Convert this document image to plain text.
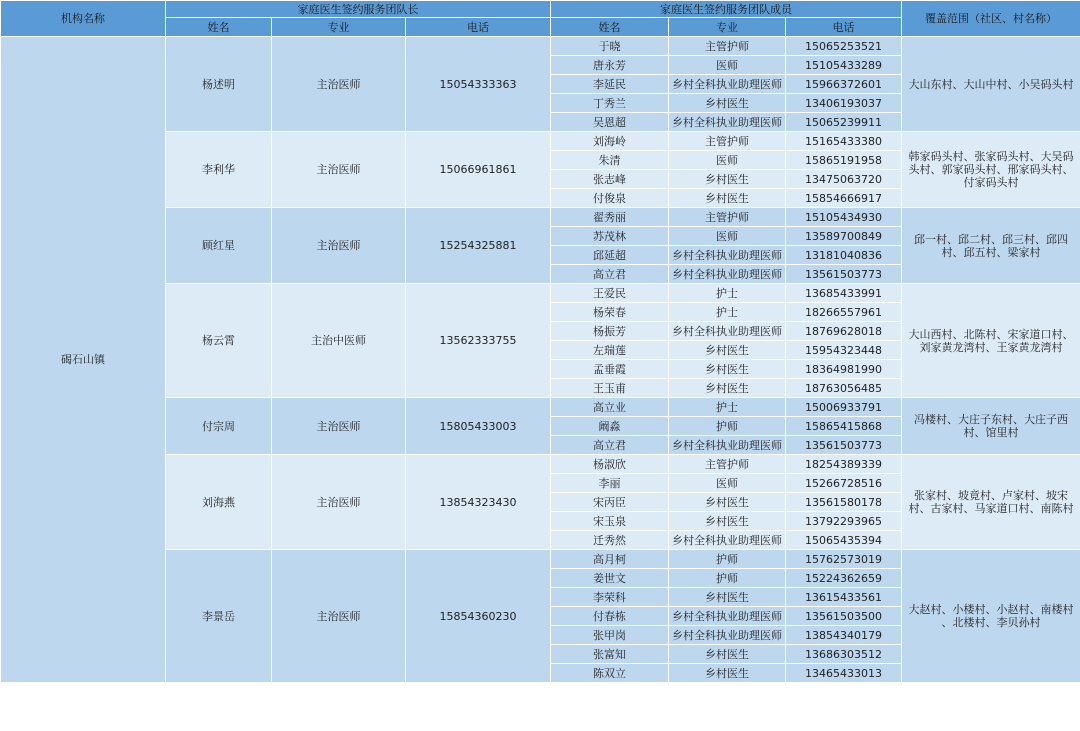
机构名称	家庭医生签约服务团队长			家庭医生签约服务团队成员			覆盖范围（社区、村名称）
	姓名	专业	电话	姓名	专业	电话	
碣石山镇	杨述明	主治医师	15054333363	于晓	主管护师	15065253521	大山东村、大山中村、小吴码头村
				唐永芳	医师	15105433289	
				李延民	乡村全科执业助理医师	15966372601	
				丁秀兰	乡村医生	13406193037	
				吴恩超	乡村全科执业助理医师	15065239911	
	李利华	主治医师	15066961861	刘海岭	主管护师	15165433380	韩家码头村、张家码头村、大吴码头村、郭家码头村、邢家码头村、付家码头村
				朱清	医师	15865191958	
				张志峰	乡村医生	13475063720	
				付俊泉	乡村医生	15854666917	
	顾红星	主治医师	15254325881	翟秀丽	主管护师	15105434930	邱一村、邱二村、邱三村、邱四村、邱五村、梁家村
				苏茂林	医师	13589700849	
				邱延超	乡村全科执业助理医师	13181040836	
				高立君	乡村全科执业助理医师	13561503773	
	杨云霄	主治中医师	13562333755	王爱民	护士	13685433991	大山西村、北陈村、宋家道口村、刘家黄龙湾村、王家黄龙湾村
				杨荣春	护士	18266557961	
				杨振芳	乡村全科执业助理医师	18769628018	
				左瑞莲	乡村医生	15954323448	
				孟垂霞	乡村医生	18364981990	
				王玉甫	乡村医生	18763056485	
	付宗周	主治医师	15805433003	高立业	护士	15006933791	冯楼村、大庄子东村、大庄子西村、馆里村
				阚淼	护师	15865415868	
				高立君	乡村全科执业助理医师	13561503773	
	刘海燕	主治医师	13854323430	杨淑欣	主管护师	18254389339	张家村、坡竟村、卢家村、坡宋村、古家村、马家道口村、南陈村
				李丽	医师	15266728516	
				宋丙臣	乡村医生	13561580178	
				宋玉泉	乡村医生	13792293965	
				迁秀然	乡村全科执业助理医师	15065435394	
	李景岳	主治医师	15854360230	高月柯	护师	15762573019	大赵村、小楼村、小赵村、南楼村 、北楼村、李贝孙村
				姜世文	护师	15224362659	
				李荣科	乡村医生	13615433561	
				付春栋	乡村全科执业助理医师	13561503500	
				张甲岗	乡村全科执业助理医师	13854340179	
				张富知	乡村医生	13686303512	
				陈双立	乡村医生	13465433013	
